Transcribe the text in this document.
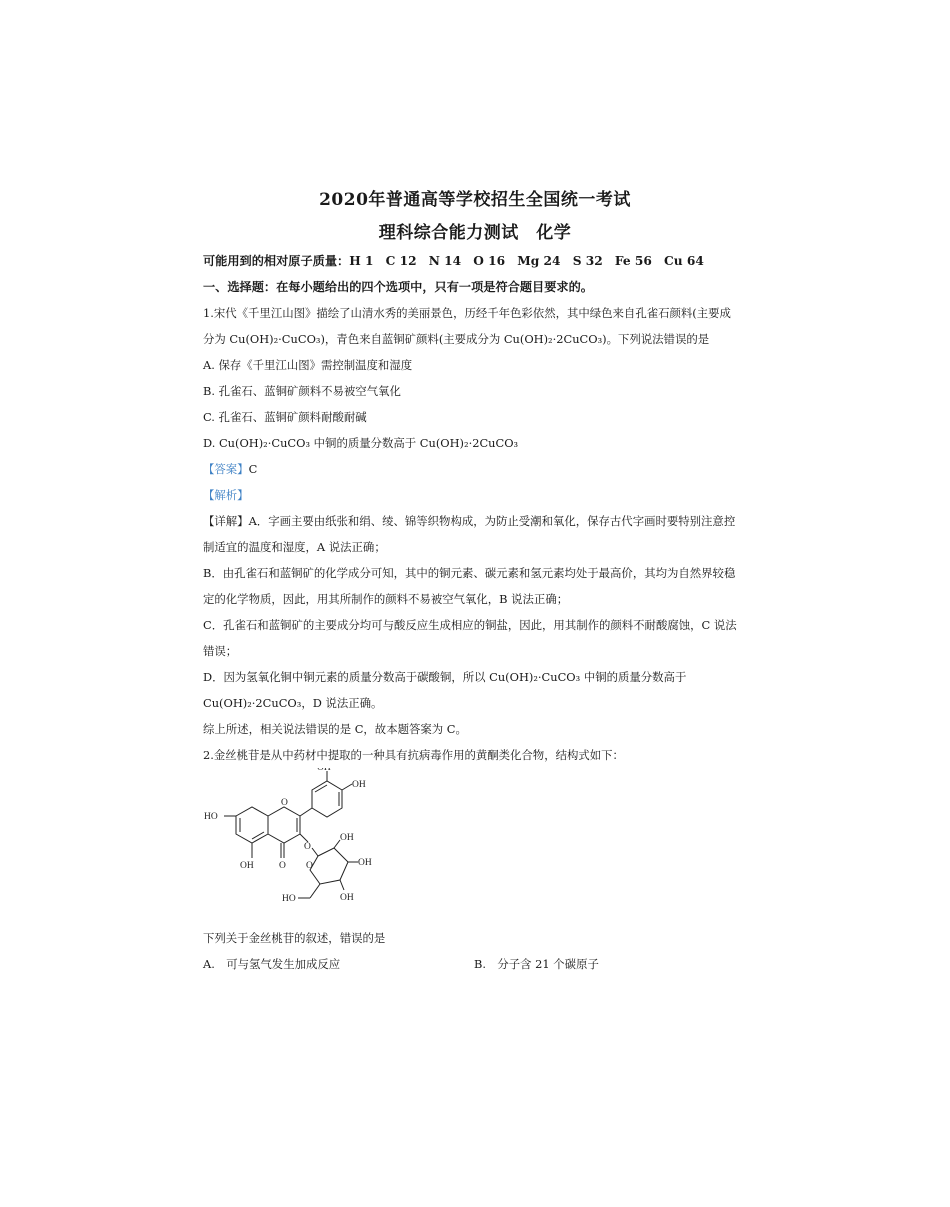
2020年普通高等学校招生全国统一考试
理科综合能力测试　化学
可能用到的相对原子质量：H 1　C 12　N 14　O 16　Mg 24　S 32　Fe 56　Cu 64
一、选择题：在每小题给出的四个选项中，只有一项是符合题目要求的。
1.宋代《千里江山图》描绘了山清水秀的美丽景色，历经千年色彩依然，其中绿色来自孔雀石颜料(主要成
分为 Cu(OH)₂·CuCO₃)，青色来自蓝铜矿颜料(主要成分为 Cu(OH)₂·2CuCO₃)。下列说法错误的是
A. 保存《千里江山图》需控制温度和湿度
B. 孔雀石、蓝铜矿颜料不易被空气氧化
C. 孔雀石、蓝铜矿颜料耐酸耐碱
D. Cu(OH)₂·CuCO₃ 中铜的质量分数高于 Cu(OH)₂·2CuCO₃
【答案】C
【解析】
【详解】A．字画主要由纸张和绢、绫、锦等织物构成，为防止受潮和氧化，保存古代字画时要特别注意控
制适宜的温度和湿度，A 说法正确；
B．由孔雀石和蓝铜矿的化学成分可知，其中的铜元素、碳元素和氢元素均处于最高价，其均为自然界较稳
定的化学物质，因此，用其所制作的颜料不易被空气氧化，B 说法正确；
C．孔雀石和蓝铜矿的主要成分均可与酸反应生成相应的铜盐，因此，用其制作的颜料不耐酸腐蚀，C 说法
错误；
D．因为氢氧化铜中铜元素的质量分数高于碳酸铜，所以 Cu(OH)₂·CuCO₃ 中铜的质量分数高于
Cu(OH)₂·2CuCO₃，D 说法正确。
综上所述，相关说法错误的是 C，故本题答案为 C。
2.金丝桃苷是从中药材中提取的一种具有抗病毒作用的黄酮类化合物，结构式如下：
OH
OH
HO
O
O
OH
OH
O
OH
O
HO	OH
下列关于金丝桃苷的叙述，错误的是
A.　可与氢气发生加成反应	B.　分子含 21 个碳原子
